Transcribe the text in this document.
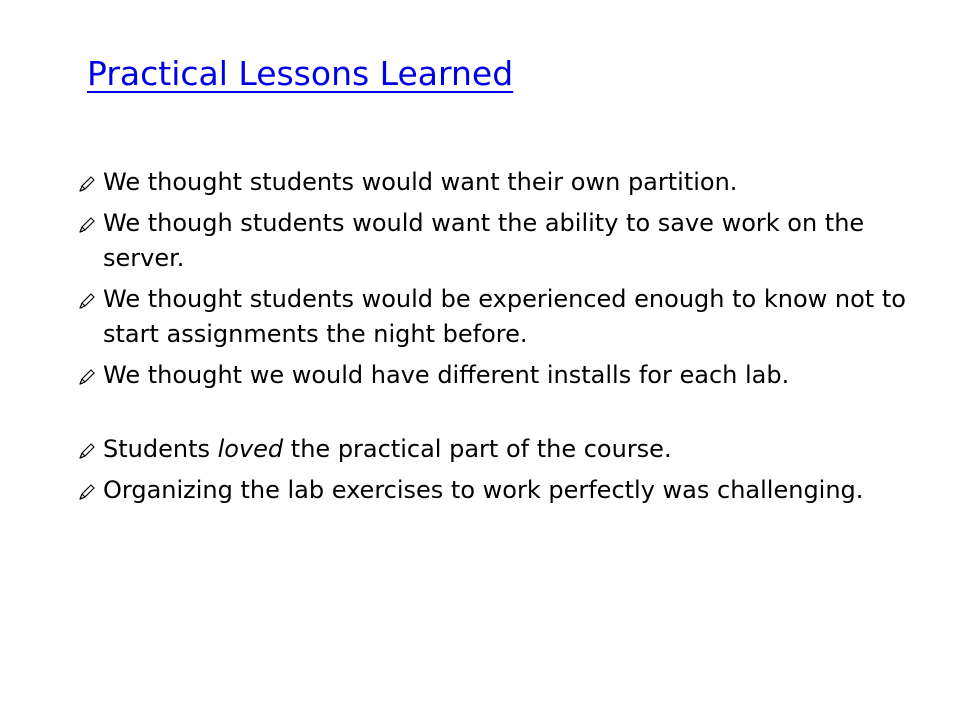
Practical Lessons Learned
We thought students would want their own partition.
We though students would want the ability to save work on the server.
We thought students would be experienced enough to know not to start assignments the night before.
We thought we would have different installs for each lab.
Students loved the practical part of the course.
Organizing the lab exercises to work perfectly was challenging.
